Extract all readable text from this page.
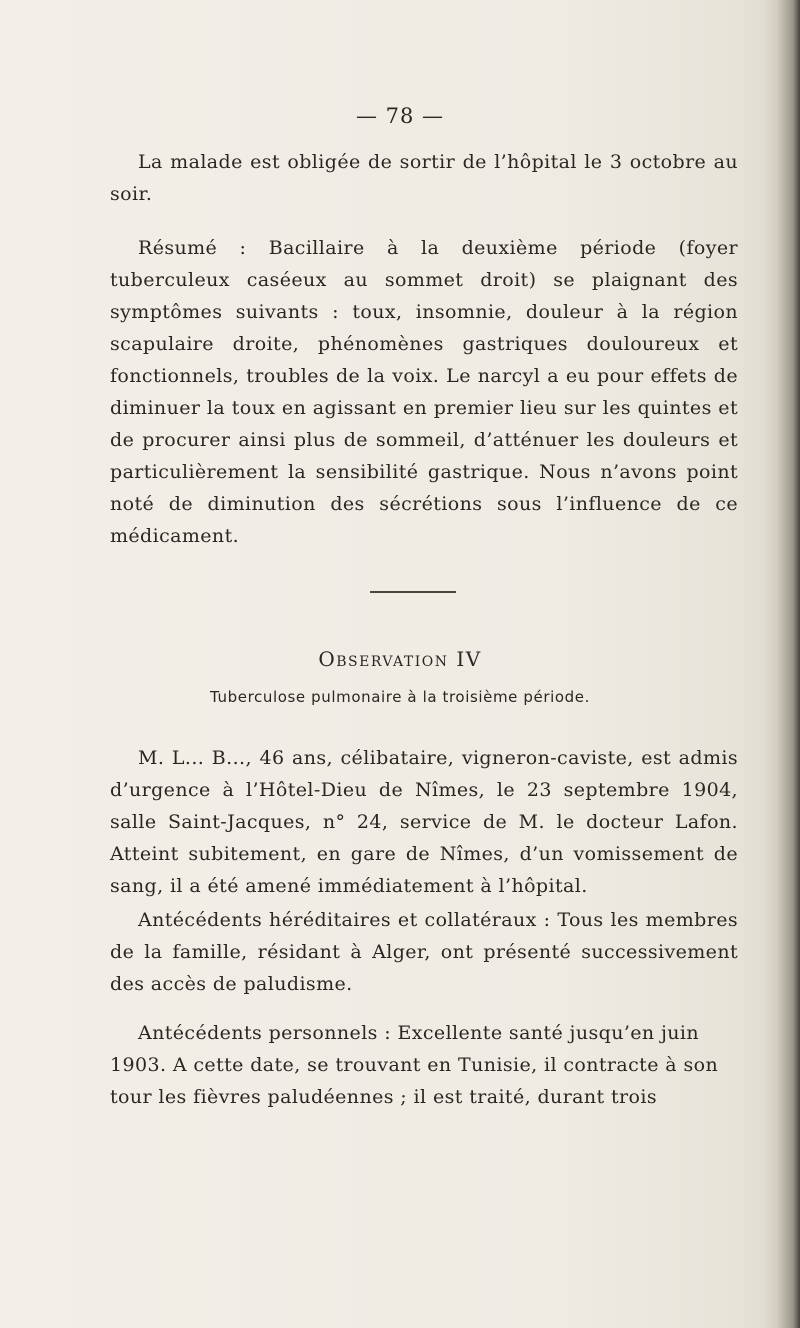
— 78 —

La malade est obligée de sortir de l’hôpital le 3 octobre au soir.

Résumé : Bacillaire à la deuxième période (foyer tuberculeux caséeux au sommet droit) se plaignant des symptômes suivants : toux, insomnie, douleur à la région scapulaire droite, phénomènes gastriques douloureux et fonctionnels, troubles de la voix. Le narcyl a eu pour effets de diminuer la toux en agissant en premier lieu sur les quintes et de procurer ainsi plus de sommeil, d’atténuer les douleurs et particulièrement la sensibilité gastrique. Nous n’avons point noté de diminution des sécrétions sous l’influence de ce médicament.

Observation IV
Tuberculose pulmonaire à la troisième période.

M. L... B..., 46 ans, célibataire, vigneron-caviste, est admis d’urgence à l’Hôtel-Dieu de Nîmes, le 23 septembre 1904, salle Saint-Jacques, n° 24, service de M. le docteur Lafon. Atteint subitement, en gare de Nîmes, d’un vomissement de sang, il a été amené immédiatement à l’hôpital.

Antécédents héréditaires et collatéraux : Tous les membres de la famille, résidant à Alger, ont présenté successivement des accès de paludisme.

Antécédents personnels : Excellente santé jusqu’en juin 1903. A cette date, se trouvant en Tunisie, il contracte à son tour les fièvres paludéennes ; il est traité, durant trois
